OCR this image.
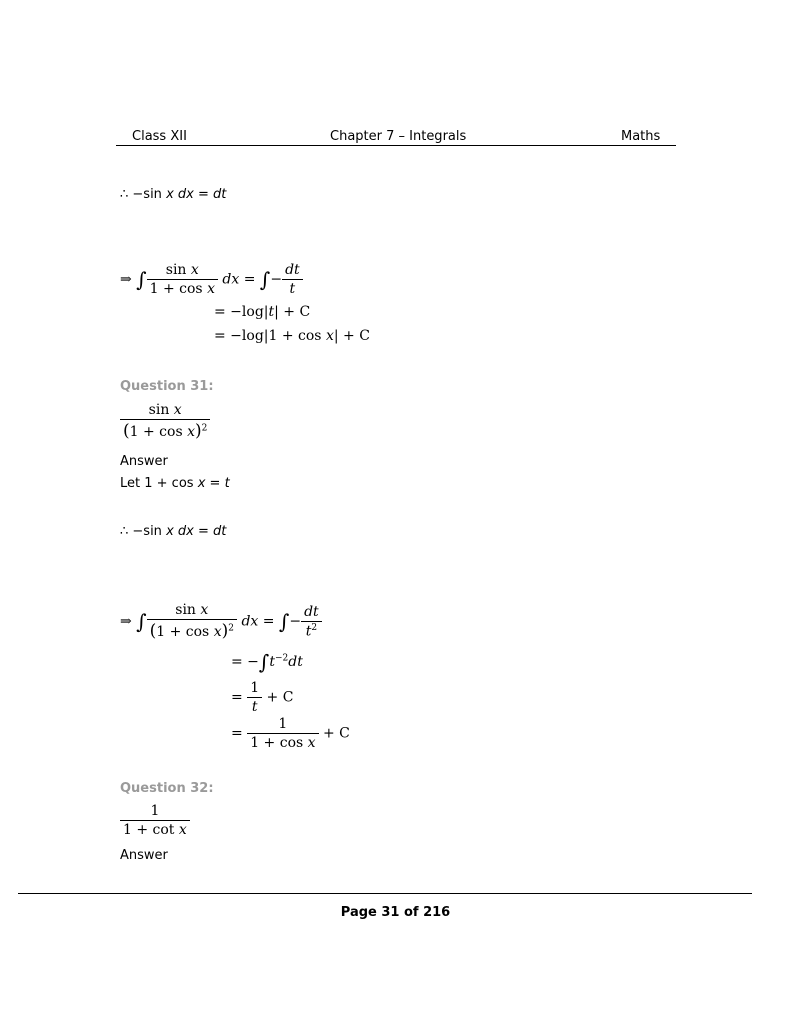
Class XII	Chapter 7 – Integrals	Maths
∴ −sin x dx = dt
⇒ ∫ $\frac{\text{sin x}}{\text{1 + cos x}}$ dx = ∫− $\frac{dt}{t}$
= −log|t| + C
= −log|1 + cos x| + C
Question 31:
$\frac{\text{sin x}}{(1 + \cos x)^2}$
Answer
Let 1 + cos x = t
∴ −sin x dx = dt
⇒ ∫ $\frac{\text{sin x}}{(1 + \cos x)^2}$ dx = ∫− $\frac{dt}{t^2}$
= $-\int t^{-2}dt$
= $\frac{1}{t} + C$
= $\frac{1}{\text{1 + cos x}} + C$
Question 32:
$\frac{1}{\text{1 + cot x}}$
Answer
Page 31 of 216
